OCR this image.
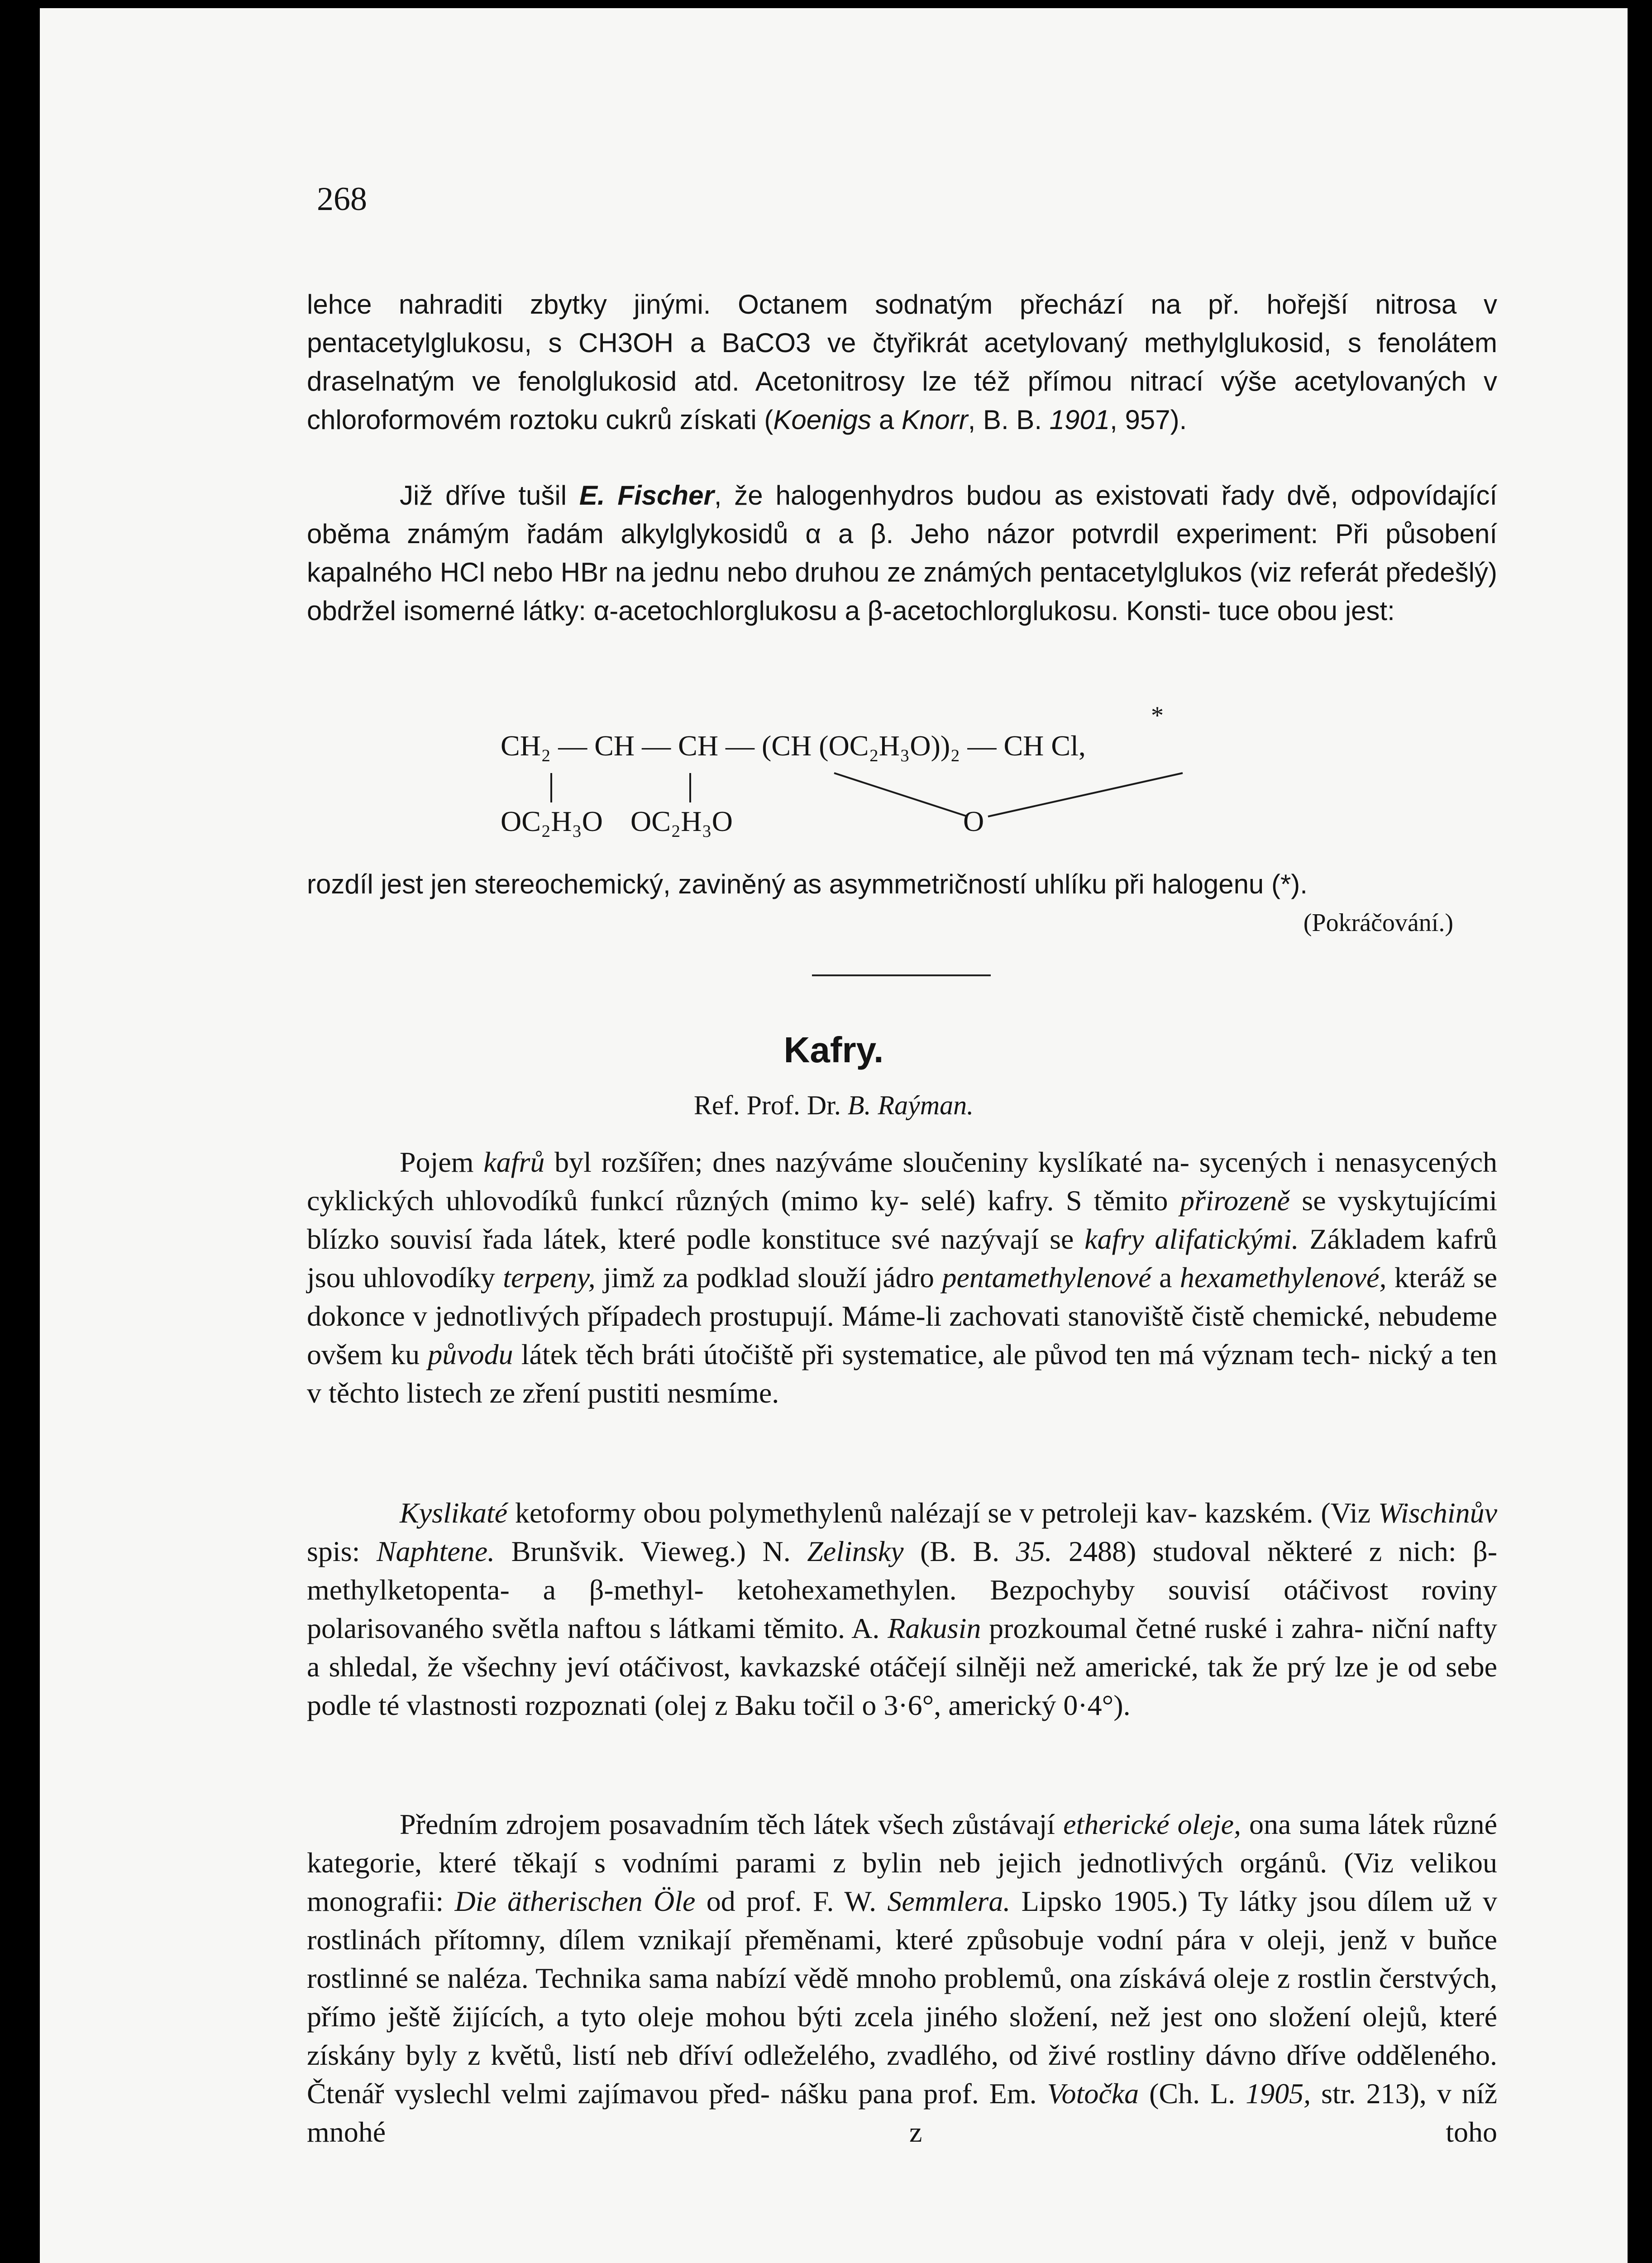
268

lehce nahraditi zbytky jinými. Octanem sodnatým přechází na př. hořejší nitrosa v pentacetylglukosu, s CH3OH a BaCO3 ve čtyřikrát acetylovaný methylglukosid, s fenolátem draselnatým ve fenolglukosid atd. Acetonitrosy lze též přímou nitrací výše acetylovaných v chloroformovém roztoku cukrů získati (Koenigs a Knorr, B. B. 1901, 957).

Již dříve tušil E. Fischer, že halogenhydros budou as existovati řady dvě, odpovídající oběma známým řadám alkylglykosidů α a β. Jeho názor potvrdil experiment: Při působení kapalného HCl nebo HBr na jednu nebo druhou ze známých pentacetylglukos (viz referát předešlý) obdržel isomerné látky: α-acetochlorglukosu a β-acetochlorglukosu. Konsti- tuce obou jest:

CH₂ — CH — CH — (CH (OC₂H₃O))₂ — CH Cl,
*
OC₂H₃O OC₂H₃O	O

rozdíl jest jen stereochemický, zaviněný as asymmetričností uhlíku při halogenu (*).

(Pokráčování.)
Kafry.
Ref. Prof. Dr. B. Raýman.

Pojem kafrů byl rozšířen; dnes nazýváme sloučeniny kyslíkaté na- sycených i nenasycených cyklických uhlovodíků funkcí různých (mimo ky- selé) kafry. S těmito přirozeně se vyskytujícími blízko souvisí řada látek, které podle konstituce své nazývají se kafry alifatickými. Základem kafrů jsou uhlovodíky terpeny, jimž za podklad slouží jádro pentamethylenové a hexamethylenové, kteráž se dokonce v jednotlivých případech prostupují. Máme-li zachovati stanoviště čistě chemické, nebudeme ovšem ku původu látek těch bráti útočiště při systematice, ale původ ten má význam tech- nický a ten v těchto listech ze zření pustiti nesmíme.

Kyslikaté ketoformy obou polymethylenů nalézají se v petroleji kav- kazském. (Viz Wischinův spis: Naphtene. Brunšvik. Vieweg.) N. Zelinsky (B. B. 35. 2488) studoval některé z nich: β-methylketopenta- a β-methyl- ketohexamethylen. Bezpochyby souvisí otáčivost roviny polarisovaného světla naftou s látkami těmito. A. Rakusin prozkoumal četné ruské i zahra- niční nafty a shledal, že všechny jeví otáčivost, kavkazské otáčejí silněji než americké, tak že prý lze je od sebe podle té vlastnosti rozpoznati (olej z Baku točil o 3·6°, americký 0·4°).

Předním zdrojem posavadním těch látek všech zůstávají etherické oleje, ona suma látek různé kategorie, které těkají s vodními parami z bylin neb jejich jednotlivých orgánů. (Viz velikou monografii: Die ätherischen Öle od prof. F. W. Semmlera. Lipsko 1905.) Ty látky jsou dílem už v rostlinách přítomny, dílem vznikají přeměnami, které způsobuje vodní pára v oleji, jenž v buňce rostlinné se naléza. Technika sama nabízí vědě mnoho problemů, ona získává oleje z rostlin čerstvých, přímo ještě žijících, a tyto oleje mohou býti zcela jiného složení, než jest ono složení olejů, které získány byly z květů, listí neb dříví odleželého, zvadlého, od živé rostliny dávno dříve odděleného. Čtenář vyslechl velmi zajímavou před- nášku pana prof. Em. Votočka (Ch. L. 1905, str. 213), v níž mnohé z toho
